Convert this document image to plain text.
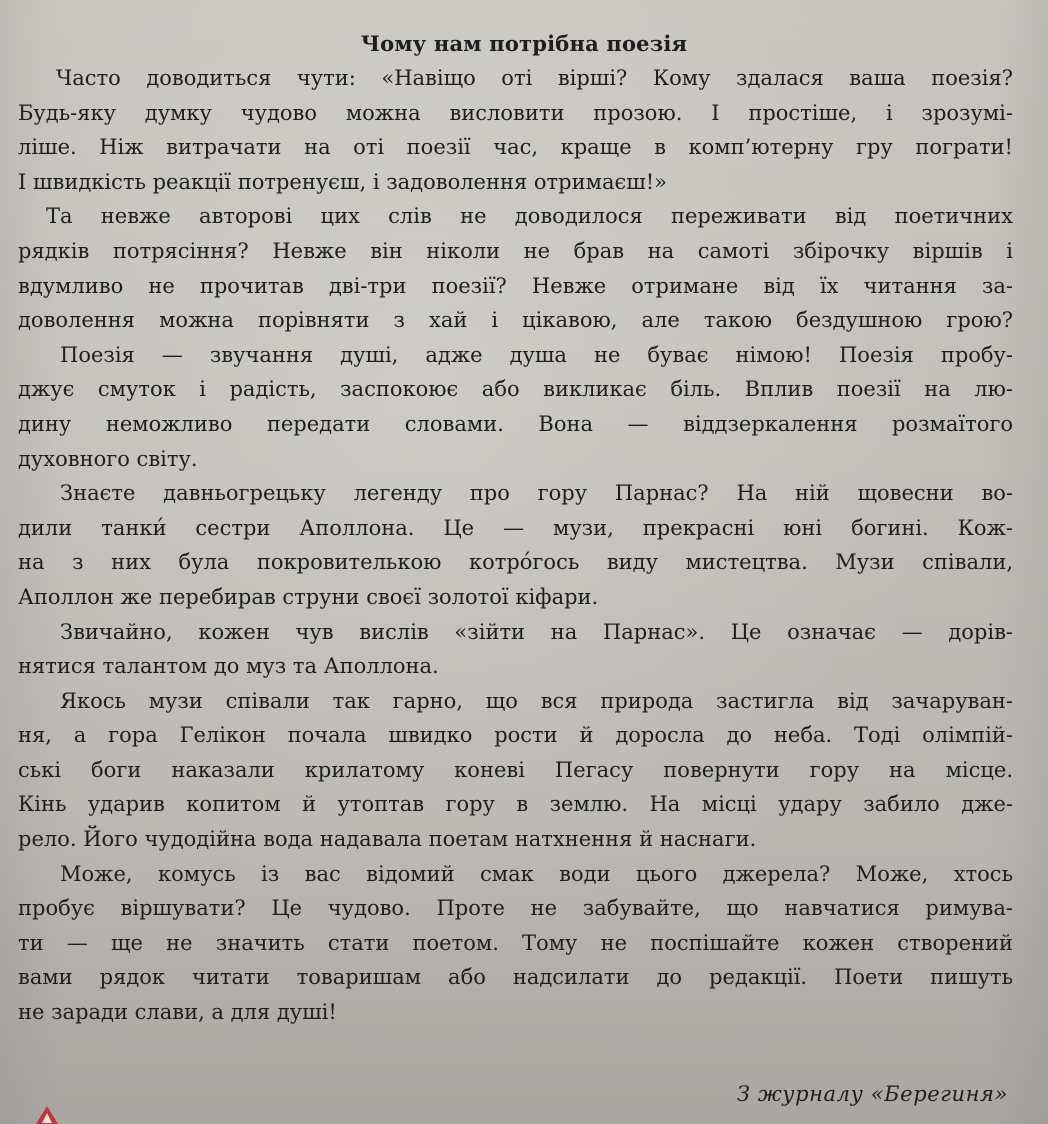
Чому нам потрібна поезія
Часто доводиться чути: «Навіщо оті вірші? Кому здалася ваша поезія?
Будь-яку думку чудово можна висловити прозою. І простіше, і зрозумі-
ліше. Ніж витрачати на оті поезії час, краще в комп’ютерну гру пограти!
І швидкість реакції потренуєш, і задоволення отримаєш!»
Та невже авторові цих слів не доводилося переживати від поетичних
рядків потрясіння? Невже він ніколи не брав на самоті збірочку віршів і
вдумливо не прочитав дві-три поезії? Невже отримане від їх читання за-
доволення можна порівняти з хай і цікавою, але такою бездушною грою?
Поезія — звучання душі, адже душа не буває німою! Поезія пробу-
джує смуток і радість, заспокоює або викликає біль. Вплив поезії на лю-
дину неможливо передати словами. Вона — віддзеркалення розмаїтого
духовного світу.
Знаєте давньогрецьку легенду про гору Парнас? На ній щовесни во-
дили танки́ сестри Аполлона. Це — музи, прекрасні юні богині. Кож-
на з них була покровителькою котро́гось виду мистецтва. Музи співали,
Аполлон же перебирав струни своєї золотої кіфари.
Звичайно, кожен чув вислів «зійти на Парнас». Це означає — дорів-
нятися талантом до муз та Аполлона.
Якось музи співали так гарно, що вся природа застигла від зачаруван-
ня, а гора Гелікон почала швидко рости й доросла до неба. Тоді олімпій-
ські боги наказали крилатому коневі Пегасу повернути гору на місце.
Кінь ударив копитом й утоптав гору в землю. На місці удару забило дже-
рело. Його чудодійна вода надавала поетам натхнення й наснаги.
Може, комусь із вас відомий смак води цього джерела? Може, хтось
пробує віршувати? Це чудово. Проте не забувайте, що навчатися римува-
ти — ще не значить стати поетом. Тому не поспішайте кожен створений
вами рядок читати товаришам або надсилати до редакції. Поети пишуть
не заради слави, а для душі!
З журналу «Берегиня»
